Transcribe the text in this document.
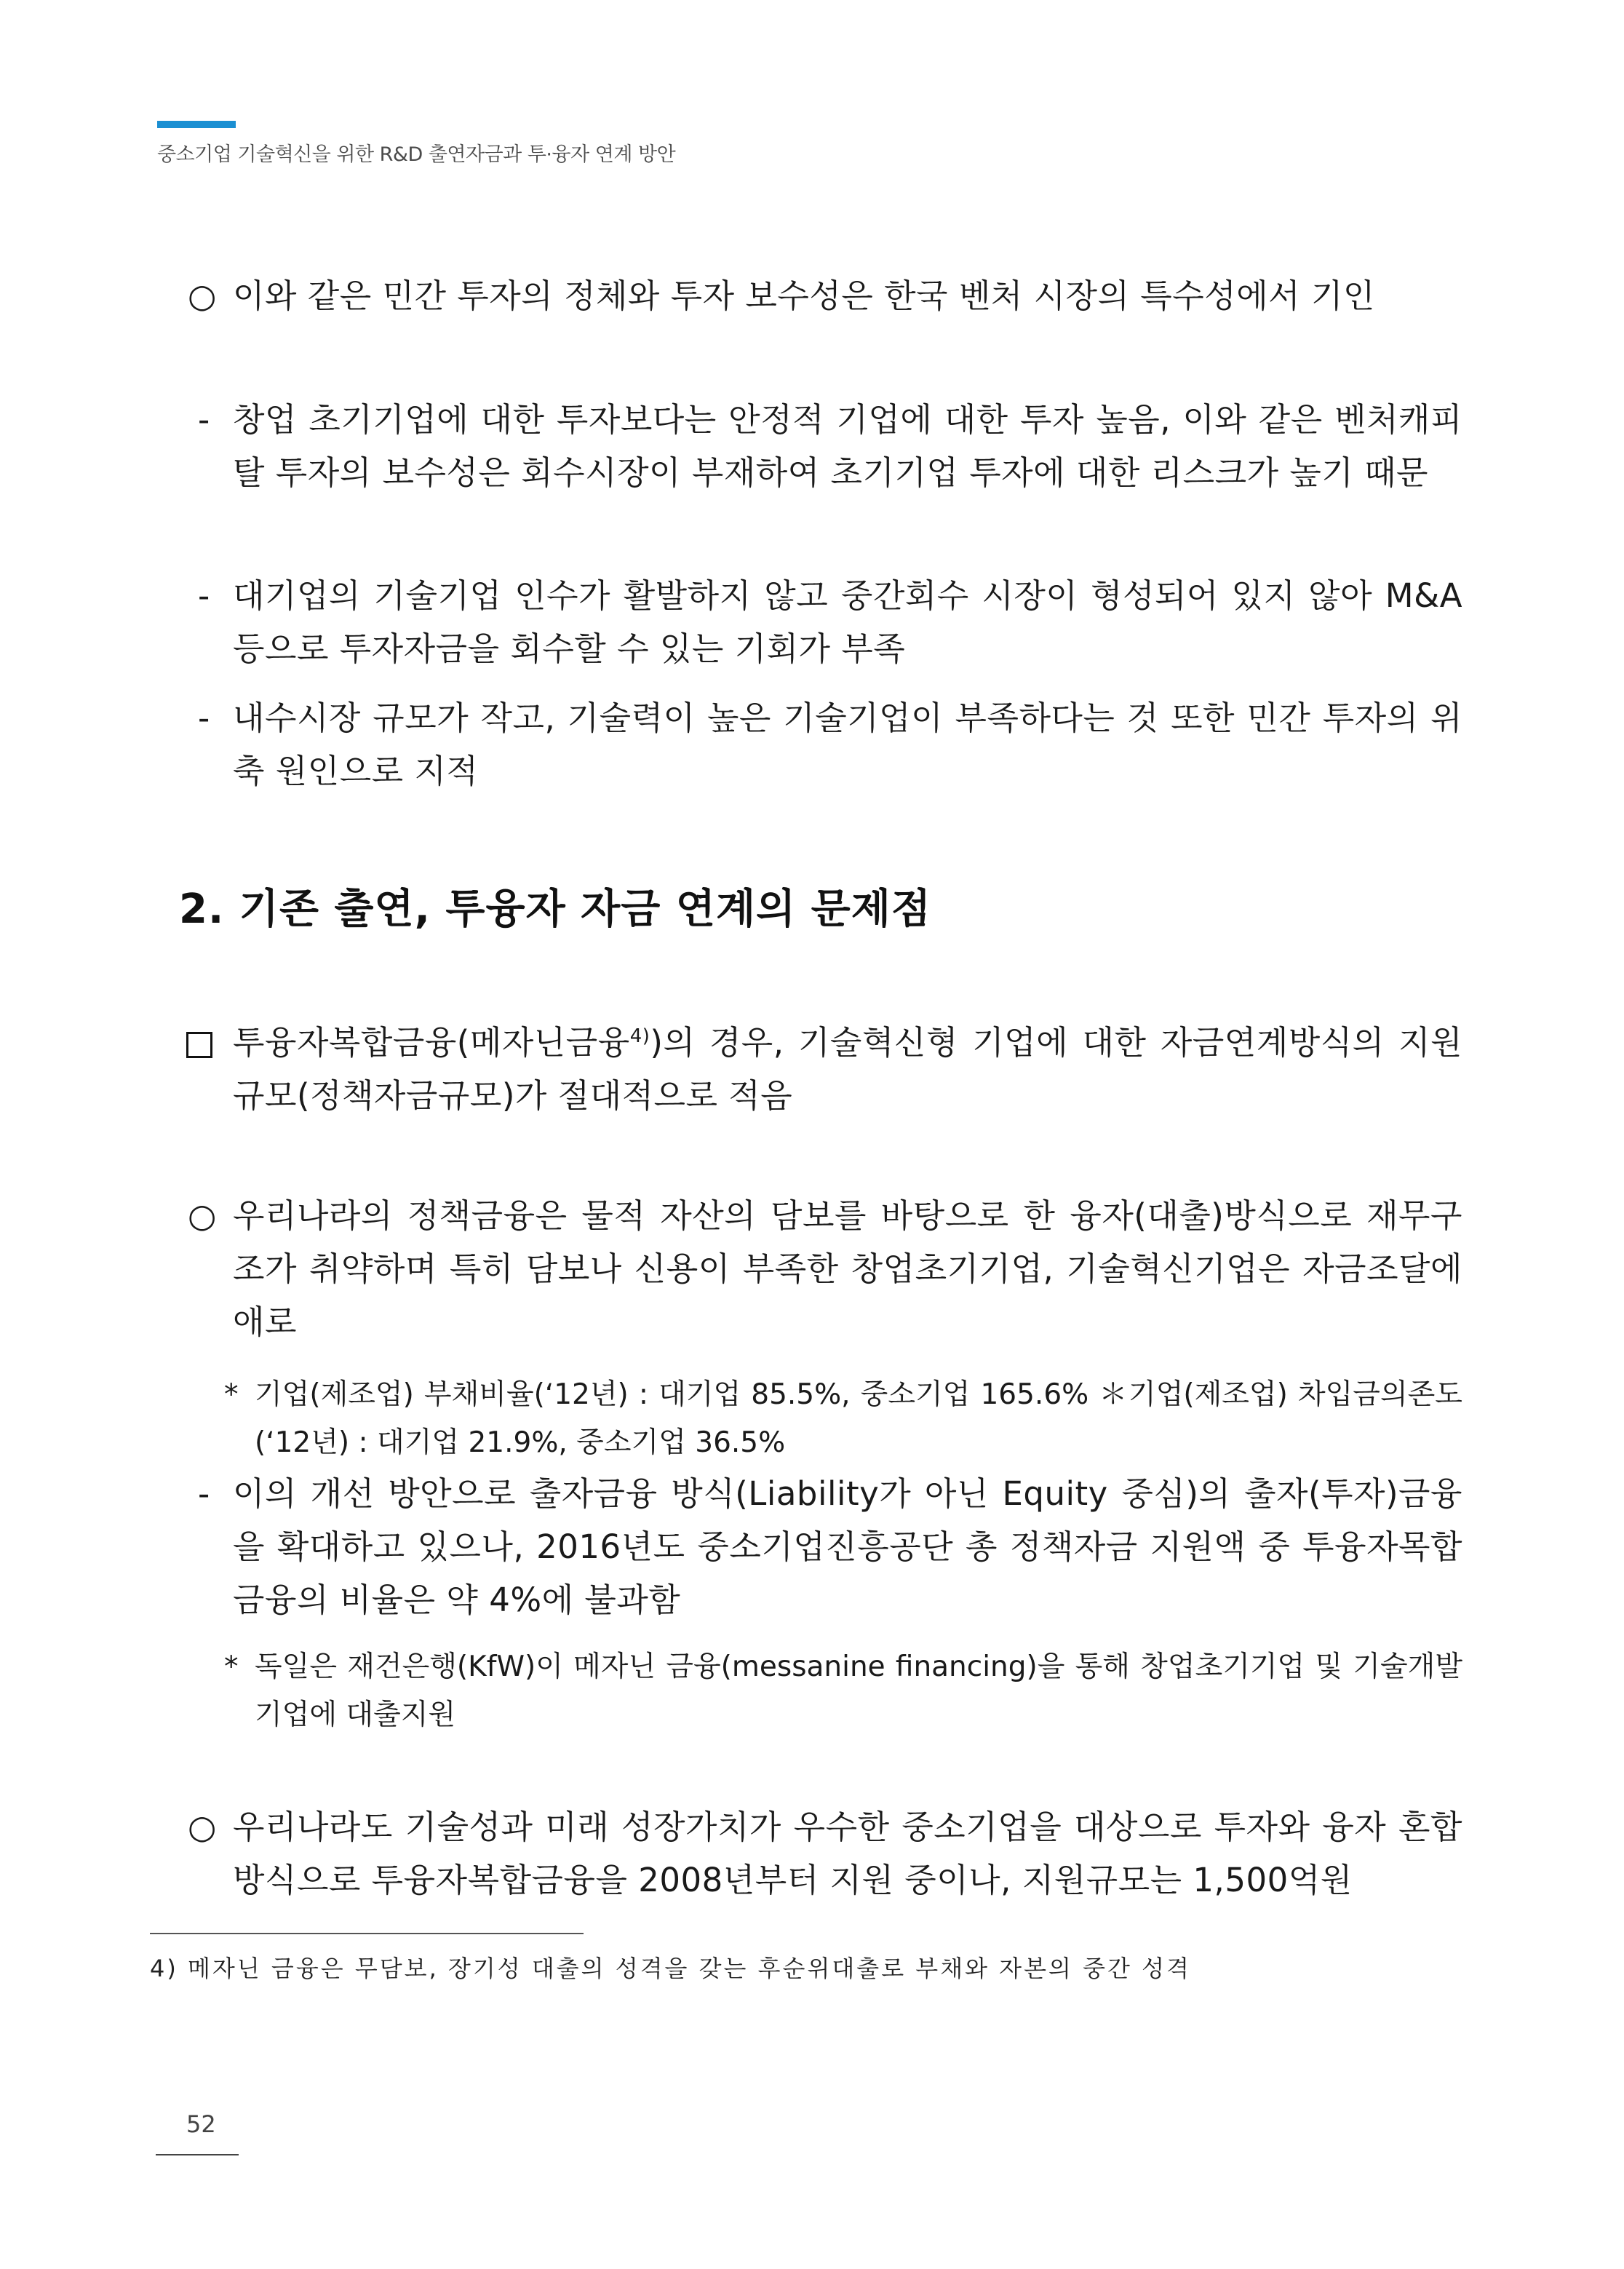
중소기업 기술혁신을 위한 R&D 출연자금과 투·융자 연계 방안
○ 이와 같은 민간 투자의 정체와 투자 보수성은 한국 벤처 시장의 특수성에서 기인
- 창업 초기기업에 대한 투자보다는 안정적 기업에 대한 투자 높음, 이와 같은 벤처캐피탈 투자의 보수성은 회수시장이 부재하여 초기기업 투자에 대한 리스크가 높기 때문
- 대기업의 기술기업 인수가 활발하지 않고 중간회수 시장이 형성되어 있지 않아 M&A 등으로 투자자금을 회수할 수 있는 기회가 부족
- 내수시장 규모가 작고, 기술력이 높은 기술기업이 부족하다는 것 또한 민간 투자의 위축 원인으로 지적
2. 기존 출연, 투융자 자금 연계의 문제점
투융자복합금융(메자닌금융$^{4)}$)의 경우, 기술혁신형 기업에 대한 자금연계방식의 지원규모(정책자금규모)가 절대적으로 적음
○ 우리나라의 정책금융은 물적 자산의 담보를 바탕으로 한 융자(대출)방식으로 재무구조가 취약하며 특히 담보나 신용이 부족한 창업초기기업, 기술혁신기업은 자금조달에 애로
* 기업(제조업) 부채비율(‘12년) : 대기업 85.5%, 중소기업 165.6% ＊기업(제조업) 차입금의존도(‘12년) : 대기업 21.9%, 중소기업 36.5%
- 이의 개선 방안으로 출자금융 방식(Liability가 아닌 Equity 중심)의 출자(투자)금융을 확대하고 있으나, 2016년도 중소기업진흥공단 총 정책자금 지원액 중 투융자목합금융의 비율은 약 4%에 불과함
* 독일은 재건은행(KfW)이 메자닌 금융(messanine financing)을 통해 창업초기기업 및 기술개발기업에 대출지원
○ 우리나라도 기술성과 미래 성장가치가 우수한 중소기업을 대상으로 투자와 융자 혼합 방식으로 투융자복합금융을 2008년부터 지원 중이나, 지원규모는 1,500억원
4) 메자닌 금융은 무담보, 장기성 대출의 성격을 갖는 후순위대출로 부채와 자본의 중간 성격
52
